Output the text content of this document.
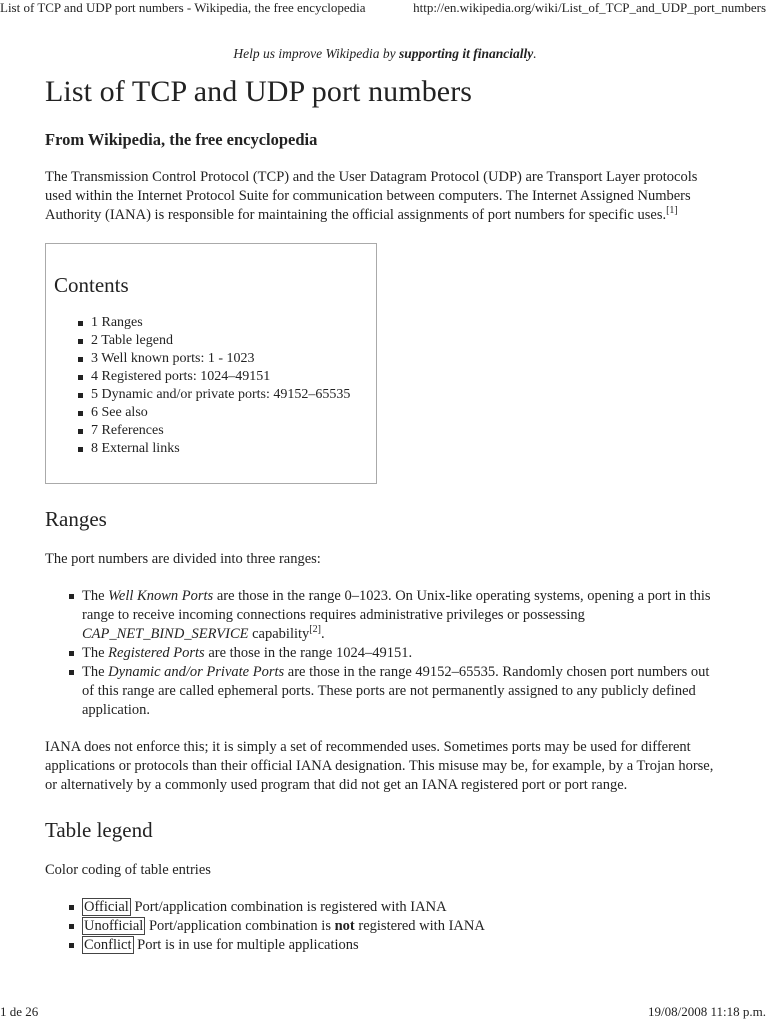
List of TCP and UDP port numbers - Wikipedia, the free encyclopedia	http://en.wikipedia.org/wiki/List_of_TCP_and_UDP_port_numbers
Help us improve Wikipedia by supporting it financially.
List of TCP and UDP port numbers
From Wikipedia, the free encyclopedia

The Transmission Control Protocol (TCP) and the User Datagram Protocol (UDP) are Transport Layer protocols used within the Internet Protocol Suite for communication between computers. The Internet Assigned Numbers Authority (IANA) is responsible for maintaining the official assignments of port numbers for specific uses.[1]

Contents
1 Ranges
2 Table legend
3 Well known ports: 1 - 1023
4 Registered ports: 1024–49151
5 Dynamic and/or private ports: 49152–65535
6 See also
7 References
8 External links
Ranges

The port numbers are divided into three ranges:

The Well Known Ports are those in the range 0–1023. On Unix-like operating systems, opening a port in this range to receive incoming connections requires administrative privileges or possessing CAP_NET_BIND_SERVICE capability[2].
The Registered Ports are those in the range 1024–49151.
The Dynamic and/or Private Ports are those in the range 49152–65535. Randomly chosen port numbers out of this range are called ephemeral ports. These ports are not permanently assigned to any publicly defined application.

IANA does not enforce this; it is simply a set of recommended uses. Sometimes ports may be used for different applications or protocols than their official IANA designation. This misuse may be, for example, by a Trojan horse, or alternatively by a commonly used program that did not get an IANA registered port or port range.

Table legend

Color coding of table entries

Official Port/application combination is registered with IANA
Unofficial Port/application combination is not registered with IANA
Conflict Port is in use for multiple applications
1 de 26	19/08/2008 11:18 p.m.
